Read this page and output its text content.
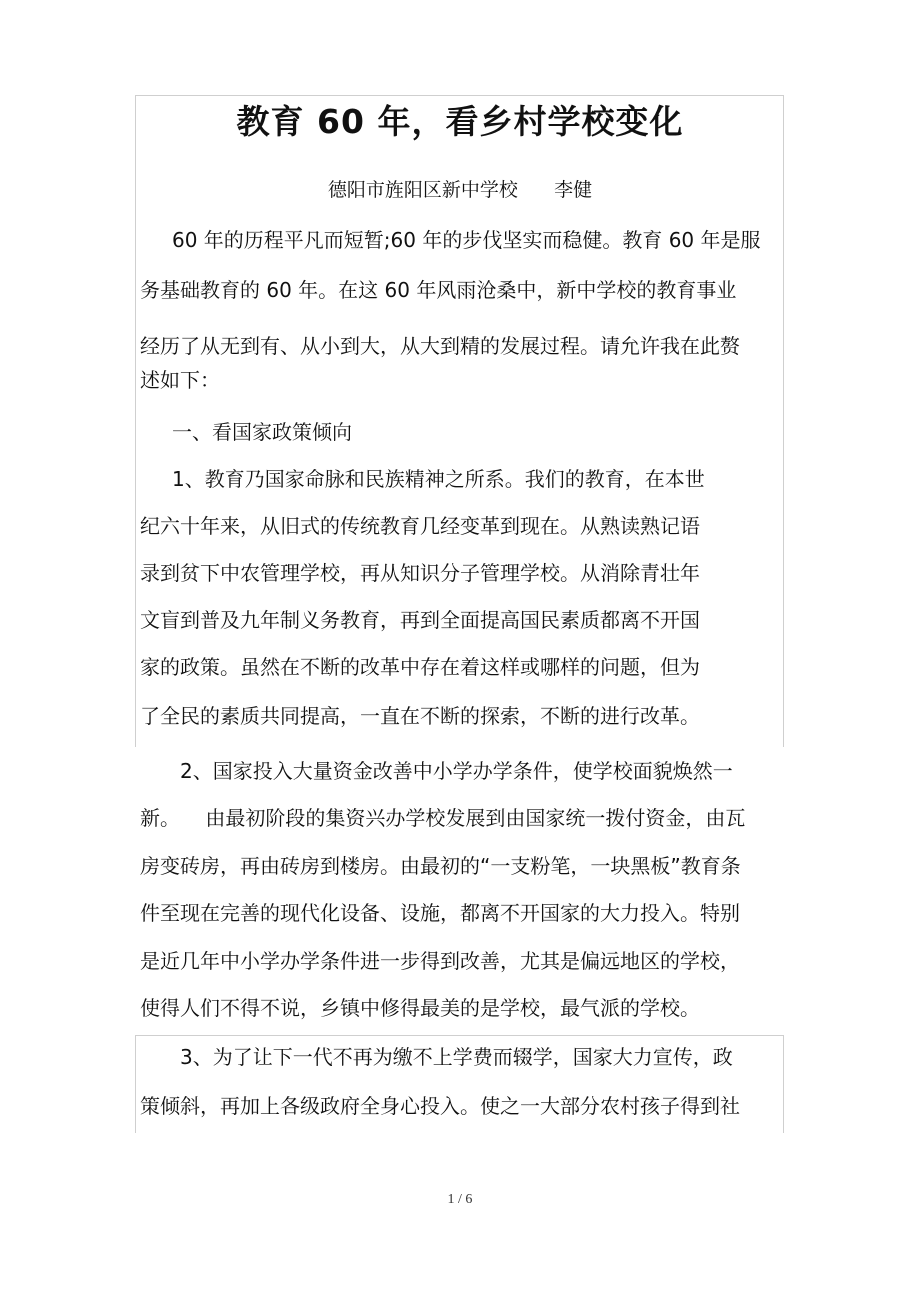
教育 60 年，看乡村学校变化
德阳市旌阳区新中学校      李健
60 年的历程平凡而短暂;60 年的步伐坚实而稳健。教育 60 年是服
务基础教育的 60 年。在这 60 年风雨沧桑中，新中学校的教育事业
经历了从无到有、从小到大，从大到精的发展过程。请允许我在此赘
述如下：
一、看国家政策倾向
1、教育乃国家命脉和民族精神之所系。我们的教育，在本世
纪六十年来，从旧式的传统教育几经变革到现在。从熟读熟记语
录到贫下中农管理学校，再从知识分子管理学校。从消除青壮年
文盲到普及九年制义务教育，再到全面提高国民素质都离不开国
家的政策。虽然在不断的改革中存在着这样或哪样的问题，但为
了全民的素质共同提高，一直在不断的探索，不断的进行改革。
2、国家投入大量资金改善中小学办学条件，使学校面貌焕然一
新。    由最初阶段的集资兴办学校发展到由国家统一拨付资金，由瓦
房变砖房，再由砖房到楼房。由最初的“一支粉笔，一块黑板”教育条
件至现在完善的现代化设备、设施，都离不开国家的大力投入。特别
是近几年中小学办学条件进一步得到改善，尤其是偏远地区的学校，
使得人们不得不说，乡镇中修得最美的是学校，最气派的学校。
3、为了让下一代不再为缴不上学费而辍学，国家大力宣传，政
策倾斜，再加上各级政府全身心投入。使之一大部分农村孩子得到社
1 / 6
